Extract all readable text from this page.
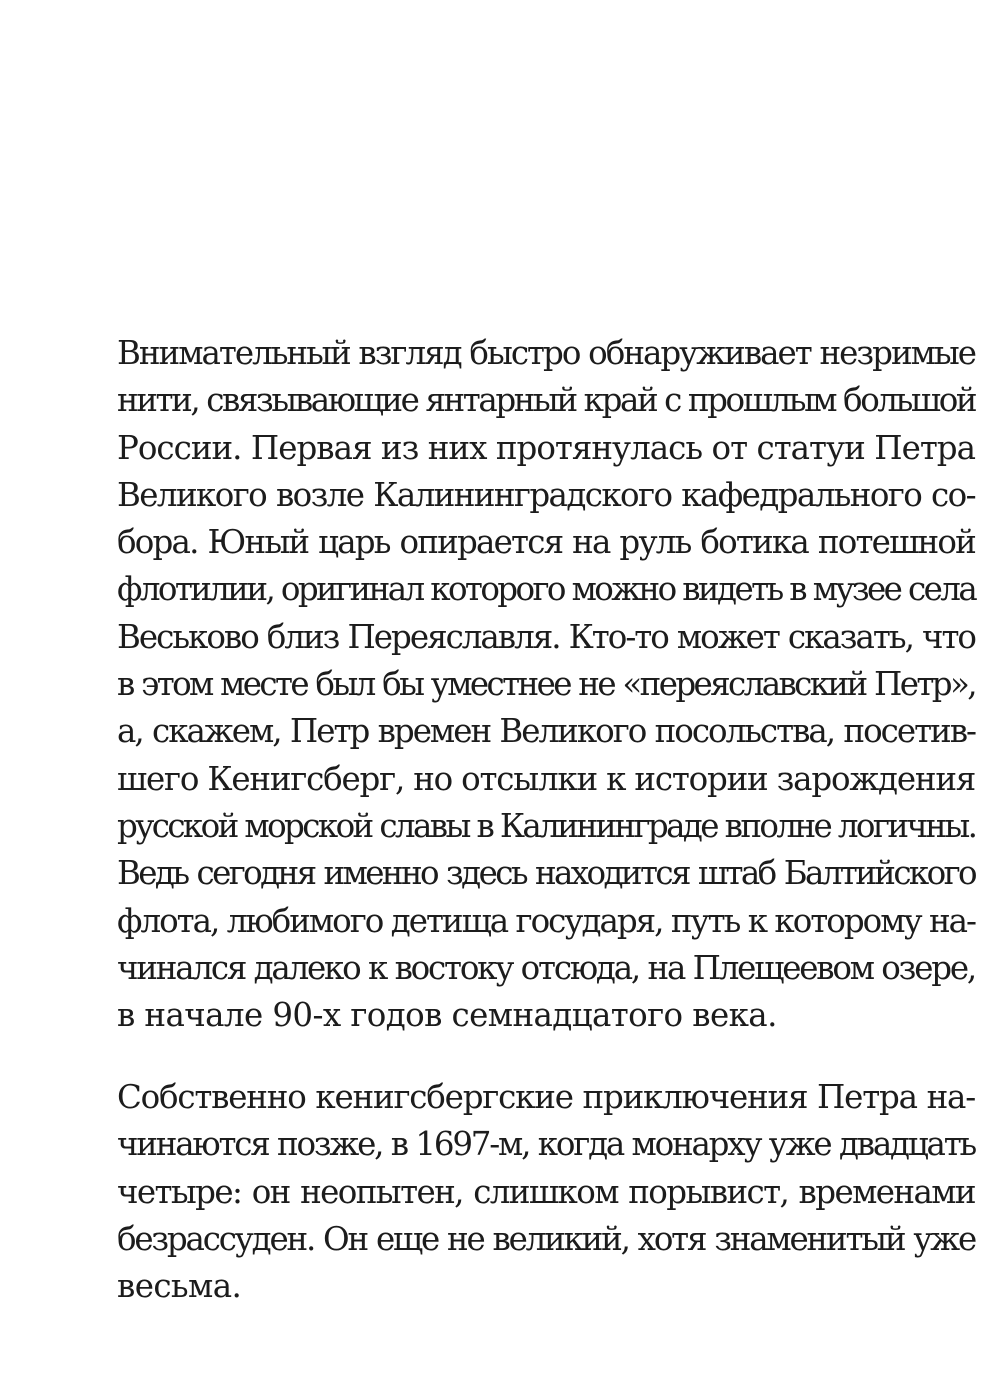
Внимательный взгляд быстро обнаруживает незримые
нити, связывающие янтарный край с прошлым большой
России. Первая из них протянулась от статуи Петра
Великого возле Калининградского кафедрального со-
бора. Юный царь опирается на руль ботика потешной
флотилии, оригинал которого можно видеть в музее села
Веськово близ Переяславля. Кто-то может сказать, что
в этом месте был бы уместнее не «переяславский Петр»,
а, скажем, Петр времен Великого посольства, посетив-
шего Кенигсберг, но отсылки к истории зарождения
русской морской славы в Калининграде вполне логичны.
Ведь сегодня именно здесь находится штаб Балтийского
флота, любимого детища государя, путь к которому на-
чинался далеко к востоку отсюда, на Плещеевом озере,
в начале 90-х годов семнадцатого века.

Собственно кенигсбергские приключения Петра на-
чинаются позже, в 1697-м, когда монарху уже двадцать
четыре: он неопытен, слишком порывист, временами
безрассуден. Он еще не великий, хотя знаменитый уже
весьма.
